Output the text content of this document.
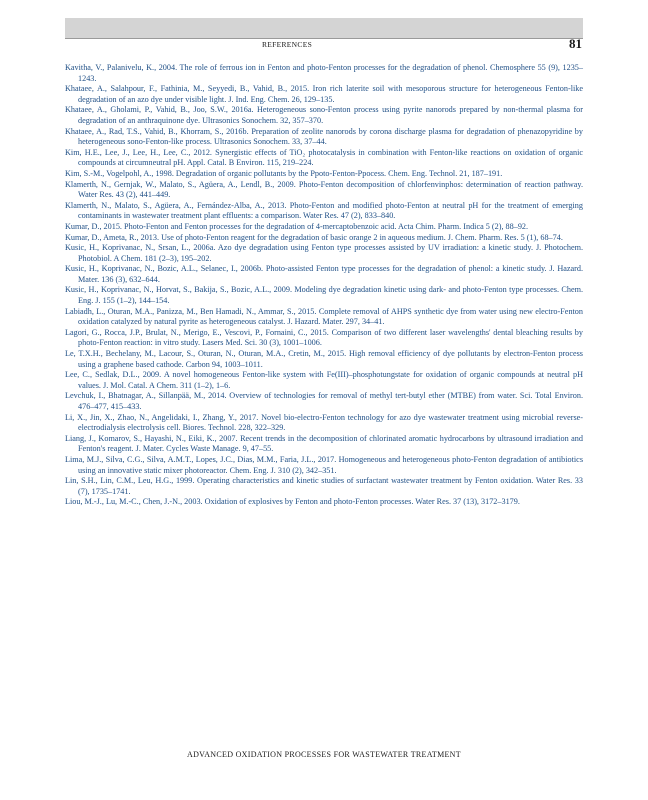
REFERENCES	81
Kavitha, V., Palanivelu, K., 2004. The role of ferrous ion in Fenton and photo-Fenton processes for the degradation of phenol. Chemosphere 55 (9), 1235–1243.
Khataee, A., Salahpour, F., Fathinia, M., Seyyedi, B., Vahid, B., 2015. Iron rich laterite soil with mesoporous structure for heterogeneous Fenton-like degradation of an azo dye under visible light. J. Ind. Eng. Chem. 26, 129–135.
Khataee, A., Gholami, P., Vahid, B., Joo, S.W., 2016a. Heterogeneous sono-Fenton process using pyrite nanorods prepared by non-thermal plasma for degradation of an anthraquinone dye. Ultrasonics Sonochem. 32, 357–370.
Khataee, A., Rad, T.S., Vahid, B., Khorram, S., 2016b. Preparation of zeolite nanorods by corona discharge plasma for degradation of phenazopyridine by heterogeneous sono-Fenton-like process. Ultrasonics Sonochem. 33, 37–44.
Kim, H.E., Lee, J., Lee, H., Lee, C., 2012. Synergistic effects of TiO₂ photocatalysis in combination with Fenton-like reactions on oxidation of organic compounds at circumneutral pH. Appl. Catal. B Environ. 115, 219–224.
Kim, S.-M., Vogelpohl, A., 1998. Degradation of organic pollutants by the Ppoto-Fenton-Ppocess. Chem. Eng. Technol. 21, 187–191.
Klamerth, N., Gernjak, W., Malato, S., Agüera, A., Lendl, B., 2009. Photo-Fenton decomposition of chlorfenvinphos: determination of reaction pathway. Water Res. 43 (2), 441–449.
Klamerth, N., Malato, S., Agüera, A., Fernández-Alba, A., 2013. Photo-Fenton and modified photo-Fenton at neutral pH for the treatment of emerging contaminants in wastewater treatment plant effluents: a comparison. Water Res. 47 (2), 833–840.
Kumar, D., 2015. Photo-Fenton and Fenton processes for the degradation of 4-mercaptobenzoic acid. Acta Chim. Pharm. Indica 5 (2), 88–92.
Kumar, D., Ameta, R., 2013. Use of photo-Fenton reagent for the degradation of basic orange 2 in aqueous medium. J. Chem. Pharm. Res. 5 (1), 68–74.
Kusic, H., Koprivanac, N., Srsan, L., 2006a. Azo dye degradation using Fenton type processes assisted by UV irradiation: a kinetic study. J. Photochem. Photobiol. A Chem. 181 (2–3), 195–202.
Kusic, H., Koprivanac, N., Bozic, A.L., Selanec, I., 2006b. Photo-assisted Fenton type processes for the degradation of phenol: a kinetic study. J. Hazard. Mater. 136 (3), 632–644.
Kusic, H., Koprivanac, N., Horvat, S., Bakija, S., Bozic, A.L., 2009. Modeling dye degradation kinetic using dark- and photo-Fenton type processes. Chem. Eng. J. 155 (1–2), 144–154.
Labiadh, L., Oturan, M.A., Panizza, M., Ben Hamadi, N., Ammar, S., 2015. Complete removal of AHPS synthetic dye from water using new electro-Fenton oxidation catalyzed by natural pyrite as heterogeneous catalyst. J. Hazard. Mater. 297, 34–41.
Lagori, G., Rocca, J.P., Brulat, N., Merigo, E., Vescovi, P., Fornaini, C., 2015. Comparison of two different laser wavelengths' dental bleaching results by photo-Fenton reaction: in vitro study. Lasers Med. Sci. 30 (3), 1001–1006.
Le, T.X.H., Bechelany, M., Lacour, S., Oturan, N., Oturan, M.A., Cretin, M., 2015. High removal efficiency of dye pollutants by electron-Fenton process using a graphene based cathode. Carbon 94, 1003–1011.
Lee, C., Sedlak, D.L., 2009. A novel homogeneous Fenton-like system with Fe(III)–phosphotungstate for oxidation of organic compounds at neutral pH values. J. Mol. Catal. A Chem. 311 (1–2), 1–6.
Levchuk, I., Bhatnagar, A., Sillanpää, M., 2014. Overview of technologies for removal of methyl tert-butyl ether (MTBE) from water. Sci. Total Environ. 476–477, 415–433.
Li, X., Jin, X., Zhao, N., Angelidaki, I., Zhang, Y., 2017. Novel bio-electro-Fenton technology for azo dye wastewater treatment using microbial reverse-electrodialysis electrolysis cell. Biores. Technol. 228, 322–329.
Liang, J., Komarov, S., Hayashi, N., Eiki, K., 2007. Recent trends in the decomposition of chlorinated aromatic hydrocarbons by ultrasound irradiation and Fenton's reagent. J. Mater. Cycles Waste Manage. 9, 47–55.
Lima, M.J., Silva, C.G., Silva, A.M.T., Lopes, J.C., Dias, M.M., Faria, J.L., 2017. Homogeneous and heterogeneous photo-Fenton degradation of antibiotics using an innovative static mixer photoreactor. Chem. Eng. J. 310 (2), 342–351.
Lin, S.H., Lin, C.M., Leu, H.G., 1999. Operating characteristics and kinetic studies of surfactant wastewater treatment by Fenton oxidation. Water Res. 33 (7), 1735–1741.
Liou, M.-J., Lu, M.-C., Chen, J.-N., 2003. Oxidation of explosives by Fenton and photo-Fenton processes. Water Res. 37 (13), 3172–3179.
ADVANCED OXIDATION PROCESSES FOR WASTEWATER TREATMENT
